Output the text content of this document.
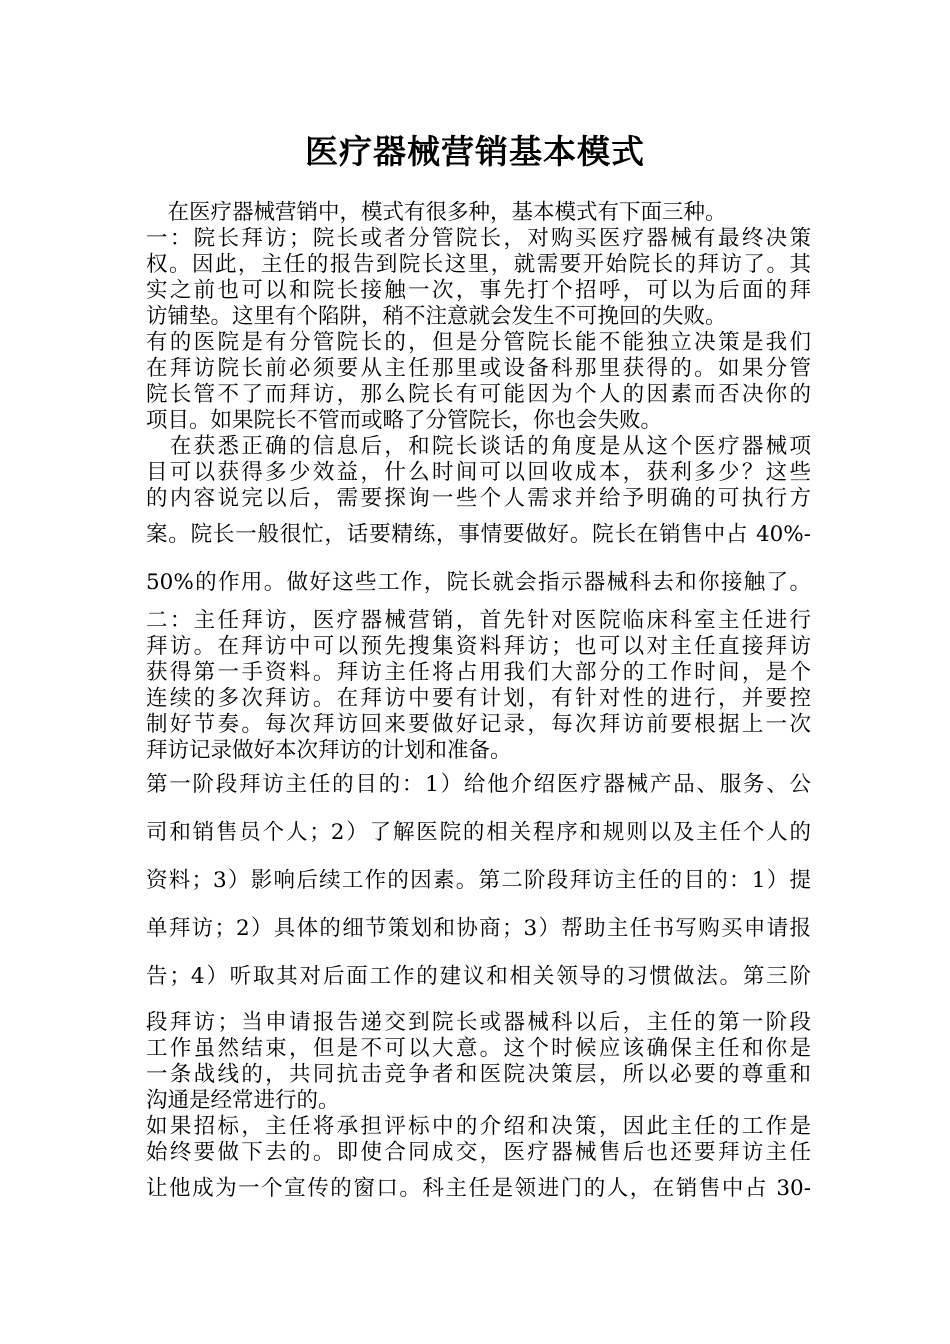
医疗器械营销基本模式
　在医疗器械营销中，模式有很多种，基本模式有下面三种。
一：院长拜访；院长或者分管院长，对购买医疗器械有最终决策
权。因此，主任的报告到院长这里，就需要开始院长的拜访了。其
实之前也可以和院长接触一次，事先打个招呼，可以为后面的拜
访铺垫。这里有个陷阱，稍不注意就会发生不可挽回的失败。
有的医院是有分管院长的，但是分管院长能不能独立决策是我们
在拜访院长前必须要从主任那里或设备科那里获得的。如果分管
院长管不了而拜访，那么院长有可能因为个人的因素而否决你的
项目。如果院长不管而或略了分管院长，你也会失败。
　在获悉正确的信息后，和院长谈话的角度是从这个医疗器械项
目可以获得多少效益，什么时间可以回收成本，获利多少？这些
的内容说完以后，需要探询一些个人需求并给予明确的可执行方
案。院长一般很忙，话要精练，事情要做好。院长在销售中占 40%-
50%的作用。做好这些工作，院长就会指示器械科去和你接触了。
二：主任拜访，医疗器械营销，首先针对医院临床科室主任进行
拜访。在拜访中可以预先搜集资料拜访；也可以对主任直接拜访
获得第一手资料。拜访主任将占用我们大部分的工作时间，是个
连续的多次拜访。在拜访中要有计划，有针对性的进行，并要控
制好节奏。每次拜访回来要做好记录，每次拜访前要根据上一次
拜访记录做好本次拜访的计划和准备。
第一阶段拜访主任的目的：1）给他介绍医疗器械产品、服务、公
司和销售员个人；2）了解医院的相关程序和规则以及主任个人的
资料；3）影响后续工作的因素。第二阶段拜访主任的目的：1）提
单拜访；2）具体的细节策划和协商；3）帮助主任书写购买申请报
告；4）听取其对后面工作的建议和相关领导的习惯做法。第三阶
段拜访；当申请报告递交到院长或器械科以后，主任的第一阶段
工作虽然结束，但是不可以大意。这个时候应该确保主任和你是
一条战线的，共同抗击竞争者和医院决策层，所以必要的尊重和
沟通是经常进行的。
如果招标，主任将承担评标中的介绍和决策，因此主任的工作是
始终要做下去的。即使合同成交，医疗器械售后也还要拜访主任
让他成为一个宣传的窗口。科主任是领进门的人，在销售中占 30-
